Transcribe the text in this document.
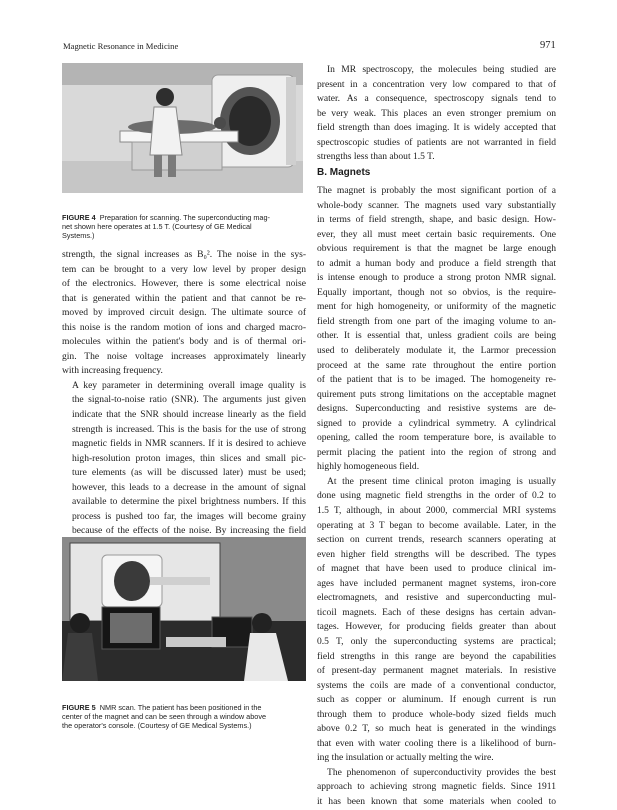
Magnetic Resonance in Medicine	971
FIGURE 4 Preparation for scanning. The superconducting mag-
net shown here operates at 1.5 T. (Courtesy of GE Medical
Systems.)

strength, the signal increases as B₀². The noise in the sys-
tem can be brought to a very low level by proper design
of the electronics. However, there is some electrical noise
that is generated within the patient and that cannot be re-
moved by improved circuit design. The ultimate source of
this noise is the random motion of ions and charged macro-
molecules within the patient's body and is of thermal ori-
gin. The noise voltage increases approximately linearly
with increasing frequency.

A key parameter in determining overall image quality is
the signal-to-noise ratio (SNR). The arguments just given
indicate that the SNR should increase linearly as the field
strength is increased. This is the basis for the use of strong
magnetic fields in NMR scanners. If it is desired to achieve
high-resolution proton images, thin slices and small pic-
ture elements (as will be discussed later) must be used;
however, this leads to a decrease in the amount of signal
available to determine the pixel brightness numbers. If this
process is pushed too far, the images will become grainy
because of the effects of the noise. By increasing the field

FIGURE 5 NMR scan. The patient has been positioned in the
center of the magnet and can be seen through a window above
the operator's console. (Courtesy of GE Medical Systems.)

In MR spectroscopy, the molecules being studied are
present in a concentration very low compared to that of
water. As a consequence, spectroscopy signals tend to
be very weak. This places an even stronger premium on
field strength than does imaging. It is widely accepted that
spectroscopic studies of patients are not warranted in field
strengths less than about 1.5 T.

B. Magnets

The magnet is probably the most significant portion of a
whole-body scanner. The magnets used vary substantially
in terms of field strength, shape, and basic design. How-
ever, they all must meet certain basic requirements. One
obvious requirement is that the magnet be large enough
to admit a human body and produce a field strength that
is intense enough to produce a strong proton NMR signal.
Equally important, though not so obvios, is the require-
ment for high homogeneity, or uniformity of the magnetic
field strength from one part of the imaging volume to an-
other. It is essential that, unless gradient coils are being
used to deliberately modulate it, the Larmor precession
proceed at the same rate throughout the entire portion
of the patient that is to be imaged. The homogeneity re-
quirement puts strong limitations on the acceptable magnet
designs. Superconducting and resistive systems are de-
signed to provide a cylindrical symmetry. A cylindrical
opening, called the room temperature bore, is available to
permit placing the patient into the region of strong and
highly homogeneous field.

At the present time clinical proton imaging is usually
done using magnetic field strengths in the order of 0.2 to
1.5 T, although, in about 2000, commercial MRI systems
operating at 3 T began to become available. Later, in the
section on current trends, research scanners operating at
even higher field strengths will be described. The types
of magnet that have been used to produce clinical im-
ages have included permanent magnet systems, iron-core
electromagnets, and resistive and superconducting mul-
ticoil magnets. Each of these designs has certain advan-
tages. However, for producing fields greater than about
0.5 T, only the superconducting systems are practical;
field strengths in this range are beyond the capabilities
of present-day permanent magnet materials. In resistive
systems the coils are made of a conventional conductor,
such as copper or aluminum. If enough current is run
through them to produce whole-body sized fields much
above 0.2 T, so much heat is generated in the windings
that even with water cooling there is a likelihood of burn-
ing the insulation or actually melting the wire.

The phenomenon of superconductivity provides the best
approach to achieving strong magnetic fields. Since 1911
it has been known that some materials when cooled to
